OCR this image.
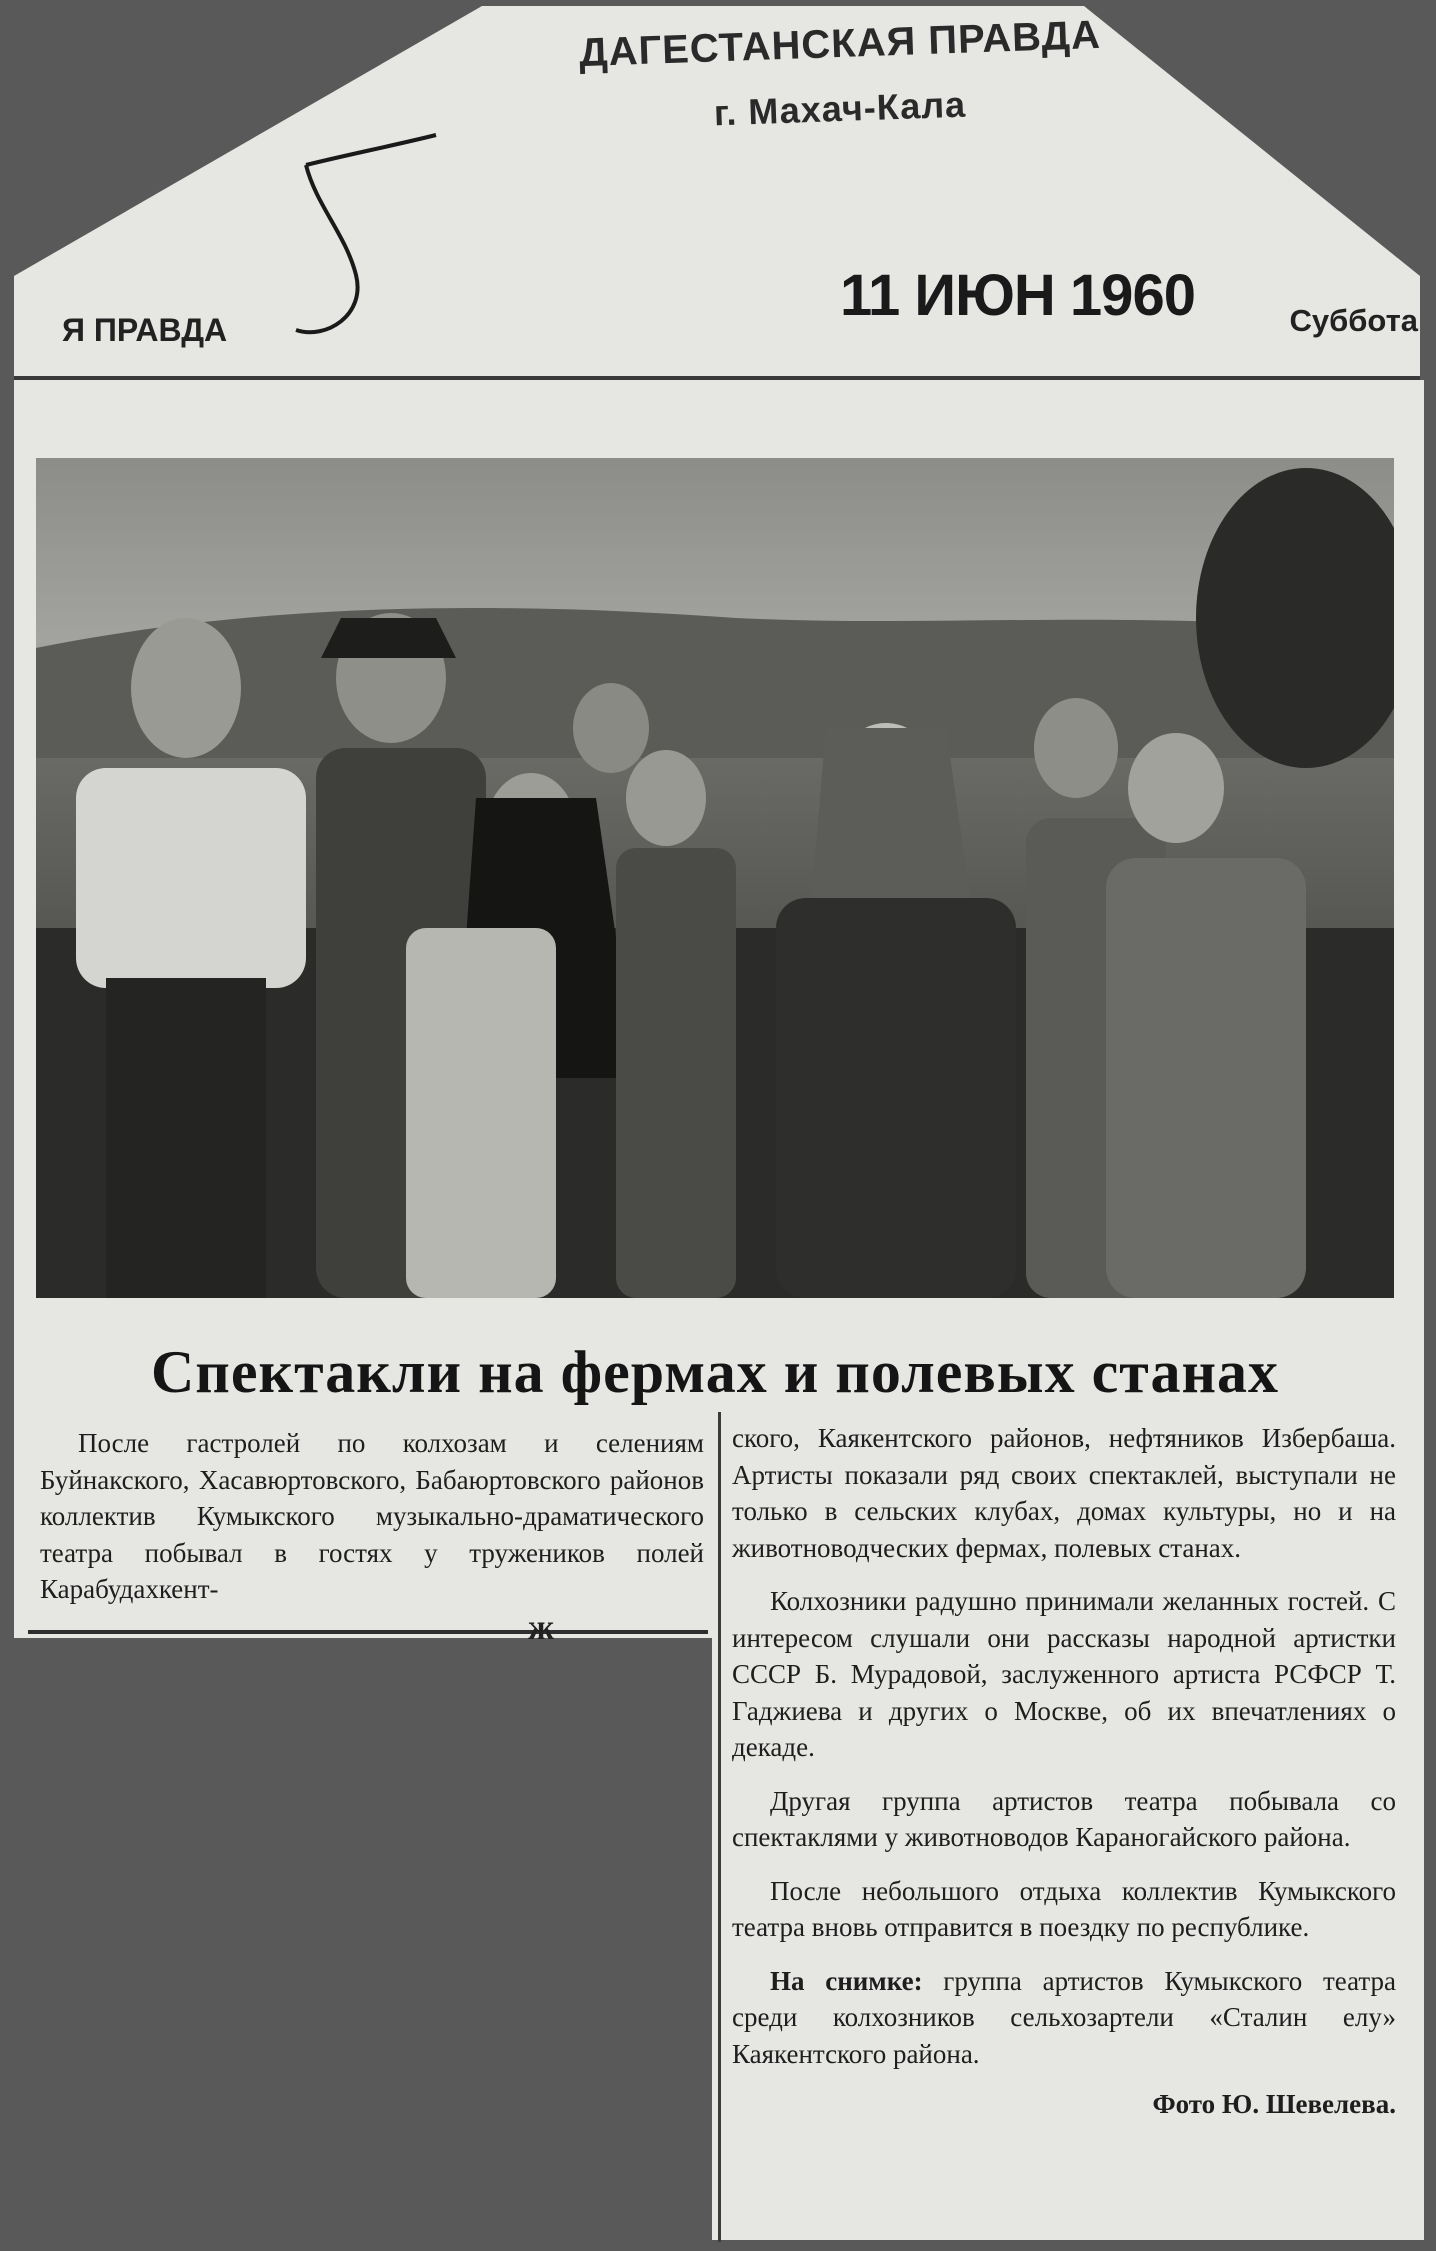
ДАГЕСТАНСКАЯ ПРАВДА
г. Махач-Кала
11 ИЮН 1960
Я ПРАВДА	Суббота
Спектакли на фермах и полевых станах

После гастролей по колхозам и селениям Буйнакского, Хасавюртовского, Бабаюртовского районов коллектив Кумыкского музыкально-драматического театра побывал в гостях у тружеников полей Карабудахкент-

ж

ского, Каякентского районов, нефтяников Избербаша. Артисты показали ряд своих спектаклей, выступали не только в сельских клубах, домах культуры, но и на животноводческих фермах, полевых станах.

Колхозники радушно принимали желанных гостей. С интересом слушали они рассказы народной артистки СССР Б. Мурадовой, заслуженного артиста РСФСР Т. Гаджиева и других о Москве, об их впечатлениях о декаде.

Другая группа артистов театра побывала со спектаклями у животноводов Караногайского района.

После небольшого отдыха коллектив Кумыкского театра вновь отправится в поездку по республике.

На снимке: группа артистов Кумыкского театра среди колхозников сельхозартели «Сталин елу» Каякентского района.

Фото Ю. Шевелева.
